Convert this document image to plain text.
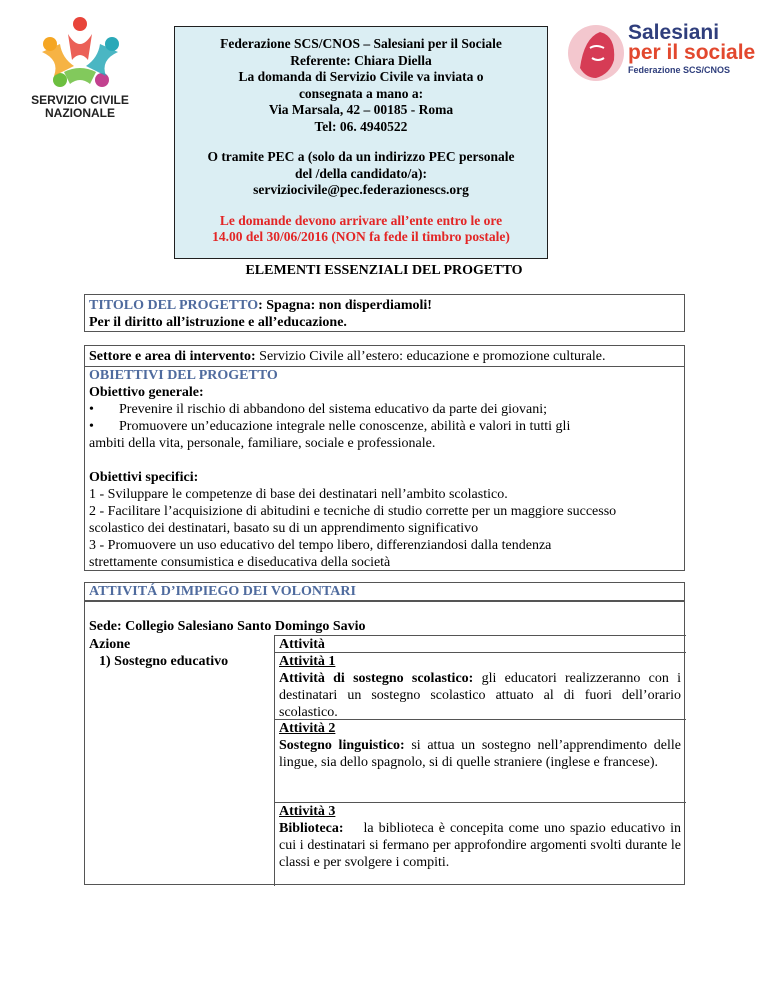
SERVIZIO CIVILE
NAZIONALE

Federazione SCS/CNOS – Salesiani per il Sociale

Referente: Chiara Diella

La domanda di Servizio Civile va inviata o

consegnata a mano a:

Via Marsala, 42 – 00185 - Roma

Tel: 06. 4940522

O tramite PEC a (solo da un indirizzo PEC personale

del /della candidato/a):

serviziocivile@pec.federazionescs.org

Le domande devono arrivare all’ente entro le ore

14.00 del 30/06/2016 (NON fa fede il timbro postale)

Salesiani
per il sociale
Federazione SCS/CNOS
ELEMENTI ESSENZIALI DEL PROGETTO
TITOLO DEL PROGETTO: Spagna: non disperdiamoli!
Per il diritto all’istruzione e all’educazione.
Settore e area di intervento: Servizio Civile all’estero: educazione e promozione culturale.
OBIETTIVI DEL PROGETTO
Obiettivo generale:
• Prevenire il rischio di abbandono del sistema educativo da parte dei giovani;
• Promuovere un’educazione integrale nelle conoscenze, abilità e valori in tutti gli
ambiti della vita, personale, familiare, sociale e professionale.
Obiettivi specifici:
1 - Sviluppare le competenze di base dei destinatari nell’ambito scolastico.
2 - Facilitare l’acquisizione di abitudini e tecniche di studio corrette per un maggiore successo
scolastico dei destinatari, basato su di un apprendimento significativo
3 - Promuovere un uso educativo del tempo libero, differenziandosi dalla tendenza
strettamente consumistica e diseducativa della società
ATTIVITÁ D’IMPIEGO DEI VOLONTARI
Sede: Collegio Salesiano Santo Domingo Savio
Azione	Attività
1) Sostegno educativo	Attività 1
Attività di sostegno scolastico: gli educatori realizzeranno con i destinatari un sostegno scolastico attuato al di fuori dell’orario scolastico.
Attività 2
Sostegno linguistico: si attua un sostegno nell’apprendimento delle lingue, sia dello spagnolo, si di quelle straniere (inglese e francese).
Attività 3
Biblioteca:    la biblioteca è concepita come uno spazio educativo in cui i destinatari si fermano per approfondire argomenti svolti durante le classi e per svolgere i compiti.
